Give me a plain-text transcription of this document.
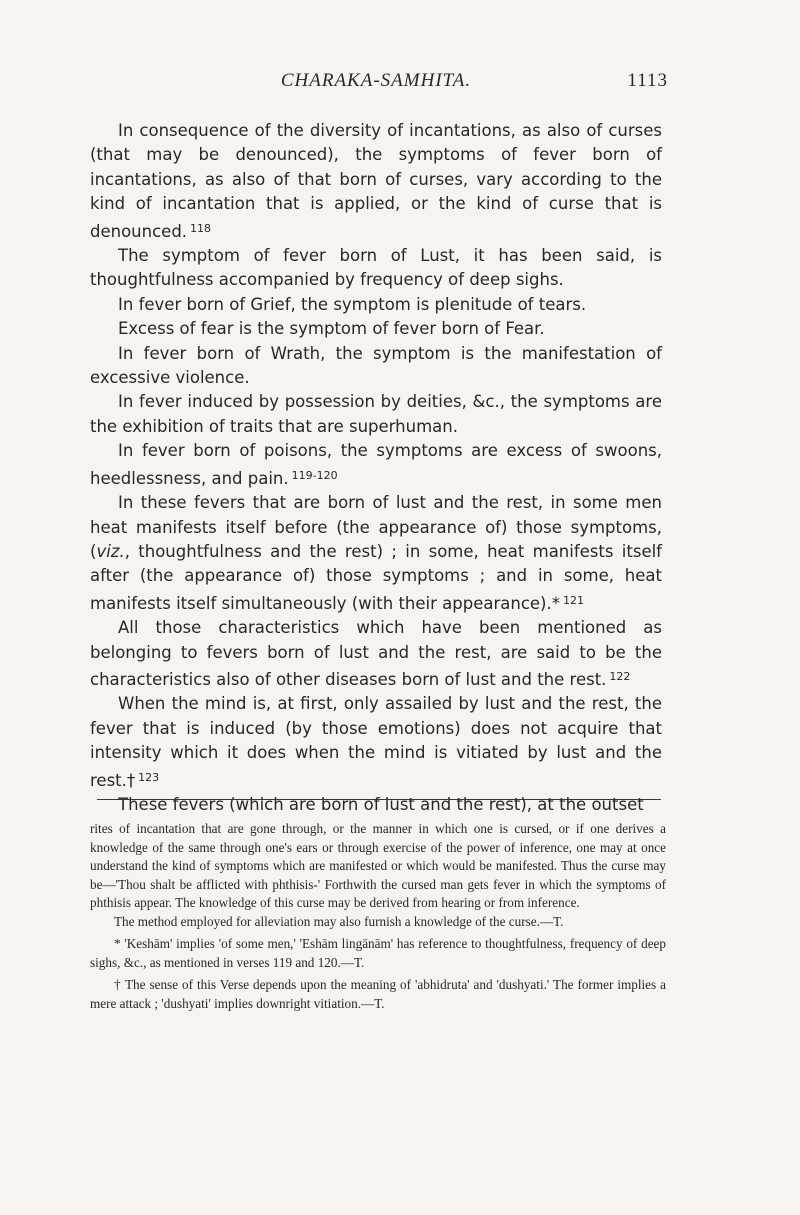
CHARAKA-SAMHITA.	1113

In consequence of the diversity of incantations, as also of curses (that may be denounced), the symptoms of fever born of incantations, as also of that born of curses, vary according to the kind of incantation that is applied, or the kind of curse that is denounced. $^{118}$

The symptom of fever born of Lust, it has been said, is thoughtfulness accompanied by frequency of deep sighs.

In fever born of Grief, the symptom is plenitude of tears.

Excess of fear is the symptom of fever born of Fear.

In fever born of Wrath, the symptom is the manifestation of excessive violence.

In fever induced by possession by deities, &c., the symptoms are the exhibition of traits that are superhuman.

In fever born of poisons, the symptoms are excess of swoons, heedlessness, and pain. $^{119-120}$

In these fevers that are born of lust and the rest, in some men heat manifests itself before (the appearance of) those symptoms, (viz., thoughtfulness and the rest) ; in some, heat manifests itself after (the appearance of) those symptoms ; and in some, heat manifests itself simultaneously (with their appearance).* $^{121}$

All those characteristics which have been mentioned as belonging to fevers born of lust and the rest, are said to be the characteristics also of other diseases born of lust and the rest. $^{122}$

When the mind is, at first, only assailed by lust and the rest, the fever that is induced (by those emotions) does not acquire that intensity which it does when the mind is vitiated by lust and the rest.† $^{123}$

These fevers (which are born of lust and the rest), at the outset

rites of incantation that are gone through, or the manner in which one is cursed, or if one derives a knowledge of the same through one's ears or through exercise of the power of inference, one may at once understand the kind of symptoms which are manifested or which would be manifested. Thus the curse may be—'Thou shalt be afflicted with phthisis-' Forthwith the cursed man gets fever in which the symptoms of phthisis appear. The knowledge of this curse may be derived from hearing or from inference.

The method employed for alleviation may also furnish a knowledge of the curse.—T.

* 'Keshām' implies 'of some men,' 'Eshām lingānām' has reference to thoughtfulness, frequency of deep sighs, &c., as mentioned in verses 119 and 120.—T.

† The sense of this Verse depends upon the meaning of 'abhidruta' and 'dushyati.' The former implies a mere attack ; 'dushyati' implies downright vitiation.—T.
